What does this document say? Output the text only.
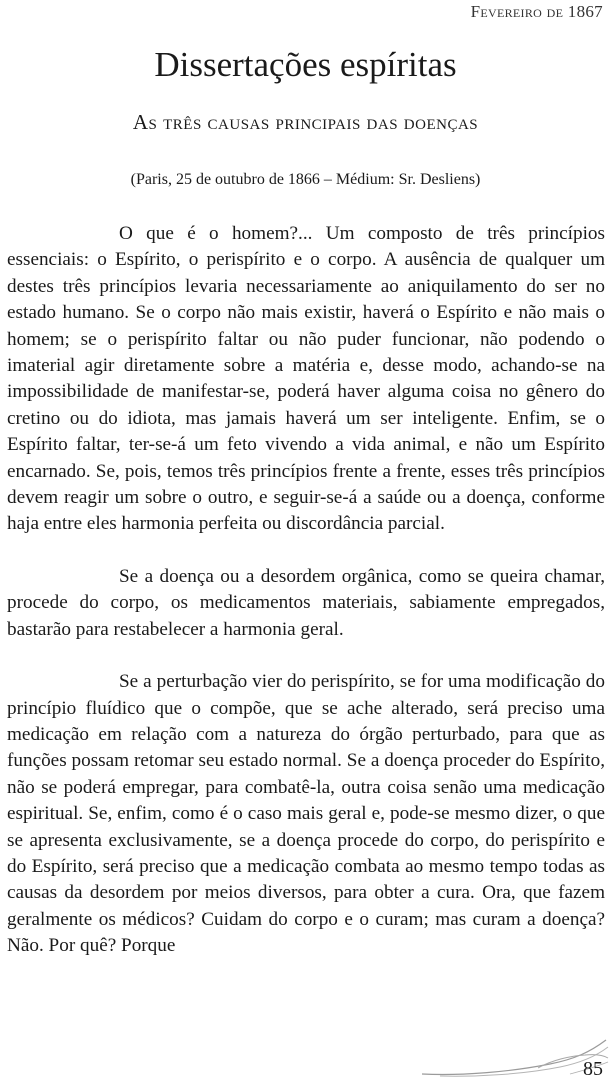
Fevereiro de 1867
Dissertações espíritas
As três causas principais das doenças
(Paris, 25 de outubro de 1866 – Médium: Sr. Desliens)

O que é o homem?... Um composto de três princípios essenciais: o Espírito, o perispírito e o corpo. A ausência de qualquer um destes três princípios levaria necessariamente ao aniquilamento do ser no estado humano. Se o corpo não mais existir, haverá o Espírito e não mais o homem; se o perispírito faltar ou não puder funcionar, não podendo o imaterial agir diretamente sobre a matéria e, desse modo, achando-se na impossibilidade de manifestar-se, poderá haver alguma coisa no gênero do cretino ou do idiota, mas jamais haverá um ser inteligente. Enfim, se o Espírito faltar, ter-se-á um feto vivendo a vida animal, e não um Espírito encarnado. Se, pois, temos três princípios frente a frente, esses três princípios devem reagir um sobre o outro, e seguir-se-á a saúde ou a doença, conforme haja entre eles harmonia perfeita ou discordância parcial.

Se a doença ou a desordem orgânica, como se queira chamar, procede do corpo, os medicamentos materiais, sabiamente empregados, bastarão para restabelecer a harmonia geral.

Se a perturbação vier do perispírito, se for uma modificação do princípio fluídico que o compõe, que se ache alterado, será preciso uma medicação em relação com a natureza do órgão perturbado, para que as funções possam retomar seu estado normal. Se a doença proceder do Espírito, não se poderá empregar, para combatê-la, outra coisa senão uma medicação espiritual. Se, enfim, como é o caso mais geral e, pode-se mesmo dizer, o que se apresenta exclusivamente, se a doença procede do corpo, do perispírito e do Espírito, será preciso que a medicação combata ao mesmo tempo todas as causas da desordem por meios diversos, para obter a cura. Ora, que fazem geralmente os médicos? Cuidam do corpo e o curam; mas curam a doença? Não. Por quê? Porque

85
